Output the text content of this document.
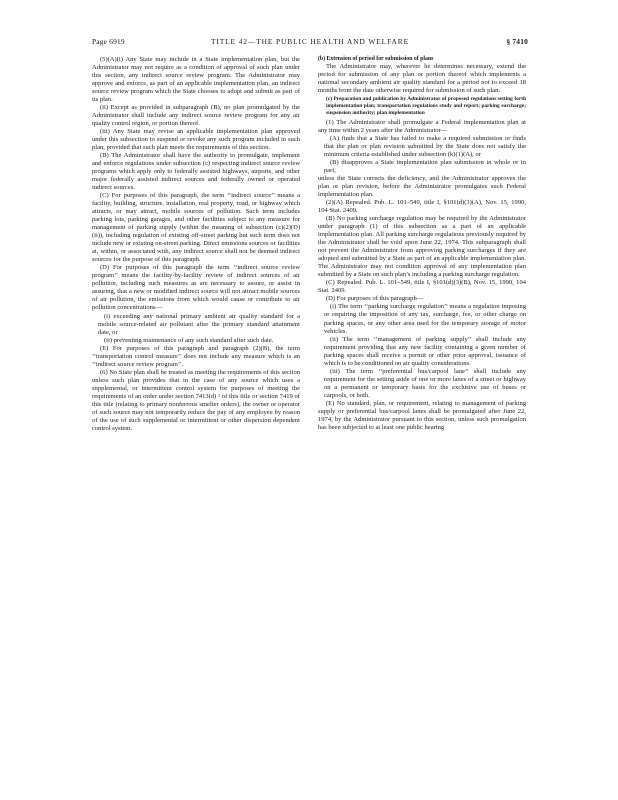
Page 6919	TITLE 42—THE PUBLIC HEALTH AND WELFARE	§ 7410

(5)(A)(i) Any State may include in a State implementation plan, but the Administrator may not require as a condition of approval of such plan under this section, any indirect source review program. The Administrator may approve and enforce, as part of an applicable implementation plan, an indirect source review program which the State chooses to adopt and submit as part of its plan.

(ii) Except as provided in subparagraph (B), no plan promulgated by the Administrator shall include any indirect source review program for any air quality control region, or portion thereof.

(iii) Any State may revise an applicable implementation plan approved under this subsection to suspend or revoke any such program included in such plan, provided that such plan meets the requirements of this section.

(B) The Administrator shall have the authority to promulgate, implement and enforce regulations under subsection (c) respecting indirect source review programs which apply only to federally assisted highways, airports, and other major federally assisted indirect sources and federally owned or operated indirect sources.

(C) For purposes of this paragraph, the term ‘‘indirect source’’ means a facility, building, structure, installation, real property, road, or highway which attracts, or may attract, mobile sources of pollution. Such term includes parking lots, parking garages, and other facilities subject to any measure for management of parking supply (within the meaning of subsection (c)(2)(D)(ii)), including regulation of existing off-street parking but such term does not include new or existing on-street parking. Direct emissions sources or facilities at, within, or associated with, any indirect source shall not be deemed indirect sources for the purpose of this paragraph.

(D) For purposes of this paragraph the term ‘‘indirect source review program’’ means the facility-by-facility review of indirect sources of air pollution, including such measures as are necessary to assure, or assist in assuring, that a new or modified indirect source will not attract mobile sources of air pollution, the emissions from which would cause or contribute to air pollution concentrations—

(i) exceeding any national primary ambient air quality standard for a mobile source-related air pollutant after the primary standard attainment date, or

(ii) preventing maintenance of any such standard after such date.

(E) For purposes of this paragraph and paragraph (2)(B), the term ‘‘transportation control measure’’ does not include any measure which is an ‘‘indirect source review program’’.

(6) No State plan shall be treated as meeting the requirements of this section unless such plan provides that in the case of any source which uses a supplemental, or intermittent control system for purposes of meeting the requirements of an order under section 7413(d) ¹ of this title or section 7419 of this title (relating to primary nonferrous smelter orders), the owner or operator of such source may not temporarily reduce the pay of any employee by reason of the use of such supplemental or intermittent or other dispersion dependent control system.

(b) Extension of period for submission of plans

The Administrator may, wherever he determines necessary, extend the period for submission of any plan or portion thereof which implements a national secondary ambient air quality standard for a period not to exceed 18 months from the date otherwise required for submission of such plan.

(c) Preparation and publication by Administrator of proposed regulations setting forth implementation plan; transportation regulations study and report; parking surcharge; suspension authority; plan implementation

(1) The Administrator shall promulgate a Federal implementation plan at any time within 2 years after the Administrator—

(A) finds that a State has failed to make a required submission or finds that the plan or plan revision submitted by the State does not satisfy the minimum criteria established under subsection (k)(1)(A), or

(B) disapproves a State implementation plan submission in whole or in part,

unless the State corrects the deficiency, and the Administrator approves the plan or plan revision, before the Administrator promulgates such Federal implementation plan.

(2)(A) Repealed. Pub. L. 101–549, title I, §101(d)(3)(A), Nov. 15, 1990, 104 Stat. 2409.

(B) No parking surcharge regulation may be required by the Administrator under paragraph (1) of this subsection as a part of an applicable implementation plan. All parking surcharge regulations previously required by the Administrator shall be void upon June 22, 1974. This subparagraph shall not prevent the Administrator from approving parking surcharges if they are adopted and submitted by a State as part of an applicable implementation plan. The Administrator may not condition approval of any implementation plan submitted by a State on such plan’s including a parking surcharge regulation.

(C) Repealed. Pub. L. 101–549, title I, §101(d)(3)(B), Nov. 15, 1990, 104 Stat. 2409.

(D) For purposes of this paragraph—

(i) The term ‘‘parking surcharge regulation’’ means a regulation imposing or requiring the imposition of any tax, surcharge, fee, or other charge on parking spaces, or any other area used for the temporary storage of motor vehicles.

(ii) The term ‘‘management of parking supply’’ shall include any requirement providing that any new facility containing a given number of parking spaces shall receive a permit or other prior approval, issuance of which is to be conditioned on air quality considerations.

(iii) The term ‘‘preferential bus/carpool lane’’ shall include any requirement for the setting aside of one or more lanes of a street or highway on a permanent or temporary basis for the exclusive use of buses or carpools, or both.

(E) No standard, plan, or requirement, relating to management of parking supply or preferential bus/carpool lanes shall be promulgated after June 22, 1974, by the Administrator pursuant to this section, unless such promulgation has been subjected to at least one public hearing
